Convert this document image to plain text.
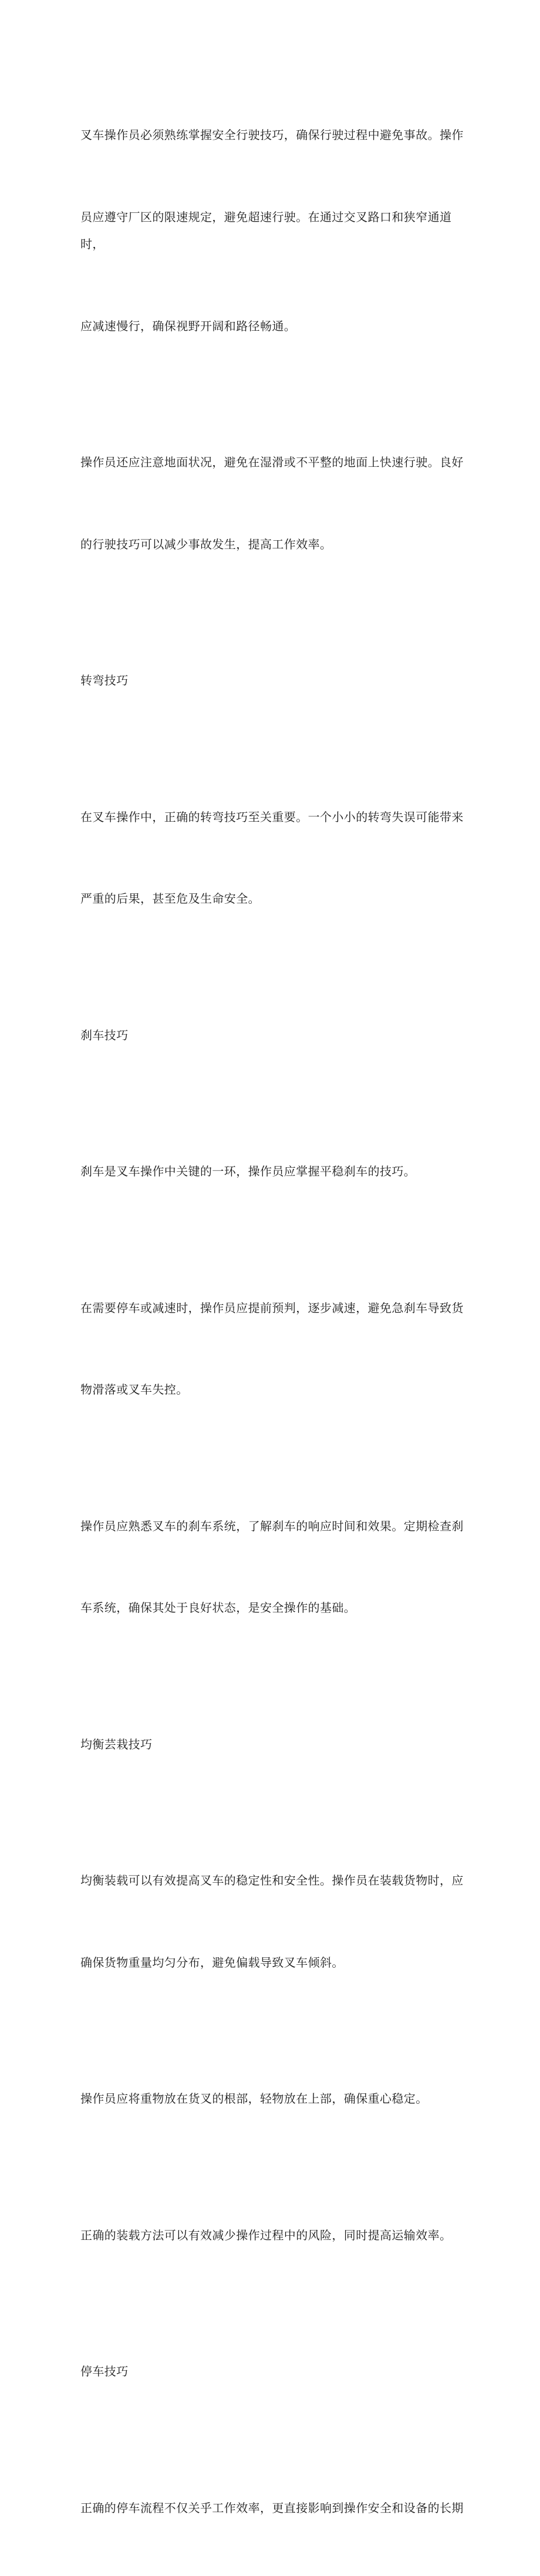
叉车操作员必须熟练掌握安全行驶技巧，确保行驶过程中避免事故。操作

员应遵守厂区的限速规定，避免超速行驶。在通过交叉路口和狭窄通道时，

应减速慢行，确保视野开阔和路径畅通。

操作员还应注意地面状况，避免在湿滑或不平整的地面上快速行驶。良好

的行驶技巧可以减少事故发生，提高工作效率。

转弯技巧

在叉车操作中，正确的转弯技巧至关重要。一个小小的转弯失误可能带来

严重的后果，甚至危及生命安全。

刹车技巧

刹车是叉车操作中关键的一环，操作员应掌握平稳刹车的技巧。

在需要停车或减速时，操作员应提前预判，逐步减速，避免急刹车导致货

物滑落或叉车失控。

操作员应熟悉叉车的刹车系统，了解刹车的响应时间和效果。定期检查刹

车系统，确保其处于良好状态，是安全操作的基础。

均衡芸栽技巧

均衡装载可以有效提高叉车的稳定性和安全性。操作员在装载货物时，应

确保货物重量均匀分布，避免偏载导致叉车倾斜。

操作员应将重物放在货叉的根部，轻物放在上部，确保重心稳定。

正确的装载方法可以有效减少操作过程中的风险，同时提高运输效率。

停车技巧

正确的停车流程不仅关乎工作效率，更直接影响到操作安全和设备的长期
